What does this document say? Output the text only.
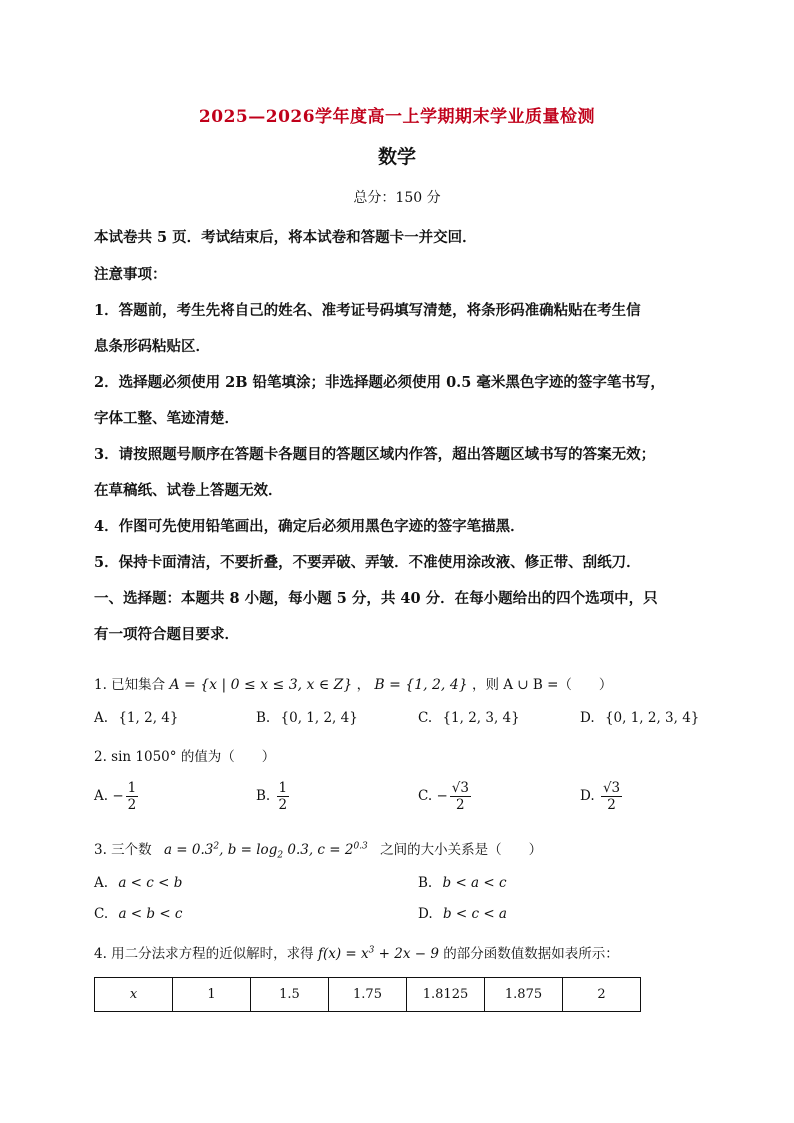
2025—2026学年度高一上学期期末学业质量检测
数学
总分：150 分
本试卷共 5 页．考试结束后，将本试卷和答题卡一并交回．
注意事项：
1．答题前，考生先将自己的姓名、准考证号码填写清楚，将条形码准确粘贴在考生信
息条形码粘贴区．
2．选择题必须使用 2B 铅笔填涂；非选择题必须使用 0.5 毫米黑色字迹的签字笔书写，
字体工整、笔迹清楚．
3．请按照题号顺序在答题卡各题目的答题区域内作答，超出答题区域书写的答案无效；
在草稿纸、试卷上答题无效．
4．作图可先使用铅笔画出，确定后必须用黑色字迹的签字笔描黑．
5．保持卡面清洁，不要折叠，不要弄破、弄皱．不准使用涂改液、修正带、刮纸刀．
一、选择题：本题共 8 小题，每小题 5 分，共 40 分．在每小题给出的四个选项中，只
有一项符合题目要求．
1. 已知集合 A = {x | 0 ≤ x ≤ 3, x ∈ Z} ， B = {1, 2, 4} ，则 A ∪ B =（　　）
A. {1, 2, 4}	B. {0, 1, 2, 4}	C. {1, 2, 3, 4}	D. {0, 1, 2, 3, 4}
2. sin 1050° 的值为（　　）
A. − $\frac{1}{2}$	B. $\frac{1}{2}$	C. − $\frac{√3}{2}$	D. $\frac{√3}{2}$
3. 三个数 $a = 0.3^2$, $b = \log_2 0.3$, $c = 2^{0.3}$ 之间的大小关系是（　　）
A. a < c < b	B. b < a < c
C. a < b < c	D. b < c < a
4. 用二分法求方程的近似解时，求得 $f(x) = x^3 + 2x - 9$ 的部分函数值数据如表所示：
x	1	1.5	1.75	1.8125	1.875	2
